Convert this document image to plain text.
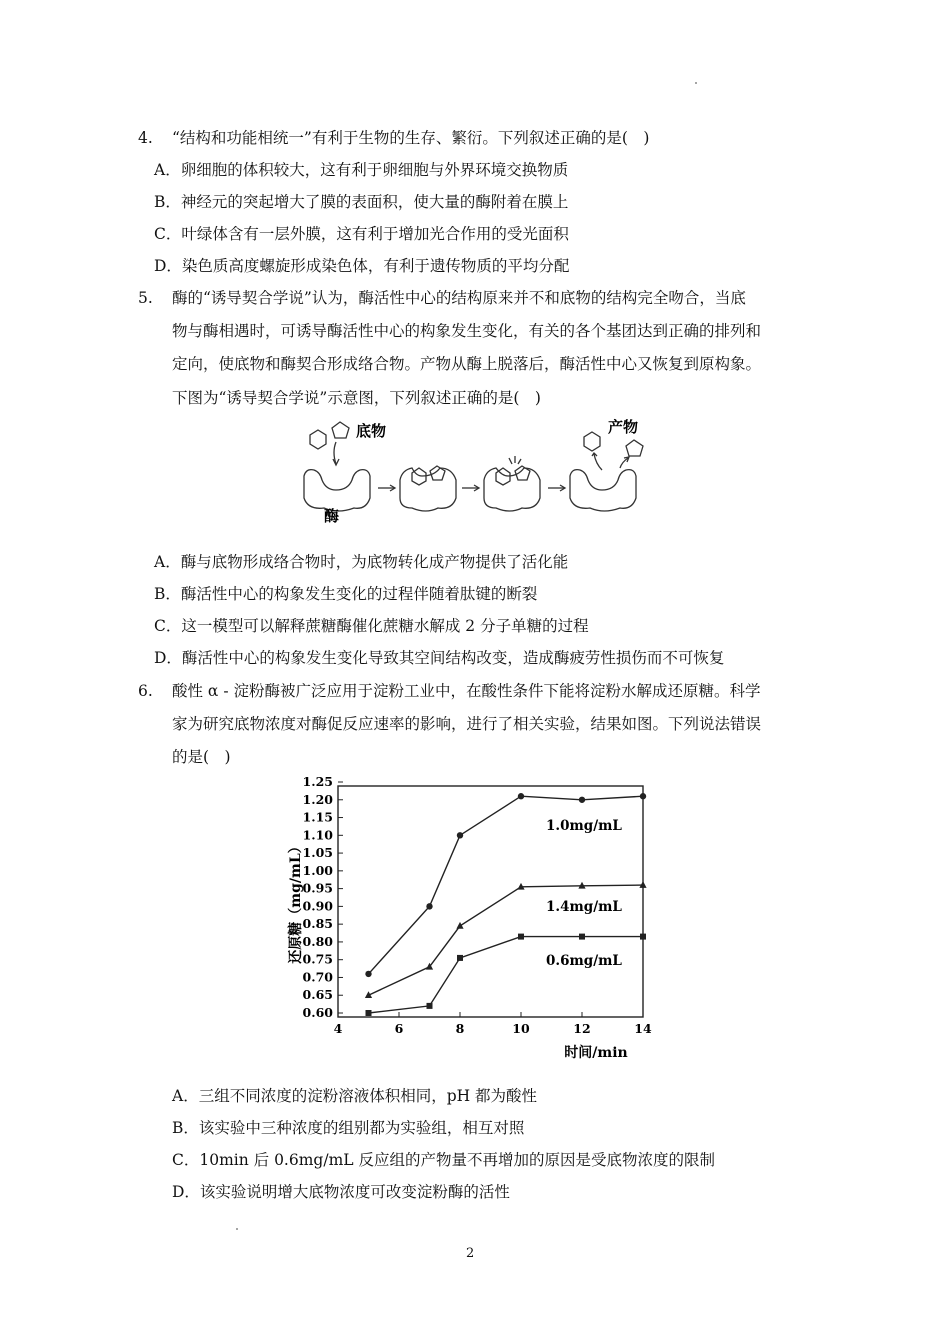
4. “结构和功能相统一”有利于生物的生存、繁衍。下列叙述正确的是(　)
A．卵细胞的体积较大，这有利于卵细胞与外界环境交换物质
B．神经元的突起增大了膜的表面积，使大量的酶附着在膜上
C．叶绿体含有一层外膜，这有利于增加光合作用的受光面积
D．染色质高度螺旋形成染色体，有利于遗传物质的平均分配
5. 酶的“诱导契合学说”认为，酶活性中心的结构原来并不和底物的结构完全吻合，当底
物与酶相遇时，可诱导酶活性中心的构象发生变化，有关的各个基团达到正确的排列和
定向，使底物和酶契合形成络合物。产物从酶上脱落后，酶活性中心又恢复到原构象。
下图为“诱导契合学说”示意图，下列叙述正确的是(　)
底物
酶
产物
A．酶与底物形成络合物时，为底物转化成产物提供了活化能
B．酶活性中心的构象发生变化的过程伴随着肽键的断裂
C．这一模型可以解释蔗糖酶催化蔗糖水解成 2 分子单糖的过程
D．酶活性中心的构象发生变化导致其空间结构改变，造成酶疲劳性损伤而不可恢复
6. 酸性 α - 淀粉酶被广泛应用于淀粉工业中，在酸性条件下能将淀粉水解成还原糖。科学
家为研究底物浓度对酶促反应速率的影响，进行了相关实验，结果如图。下列说法错误
的是(　)
0.60
0.65
0.70
0.75
0.80
0.85
0.90
0.95
1.00
1.05
1.10
1.15
1.20
1.25
4	6	8	10	12	14
时间/min
还原糖（mg/mL）
1.0mg/mL
1.4mg/mL
0.6mg/mL
A．三组不同浓度的淀粉溶液体积相同，pH 都为酸性
B．该实验中三种浓度的组别都为实验组，相互对照
C．10min 后 0.6mg/mL 反应组的产物量不再增加的原因是受底物浓度的限制
D．该实验说明增大底物浓度可改变淀粉酶的活性
2
